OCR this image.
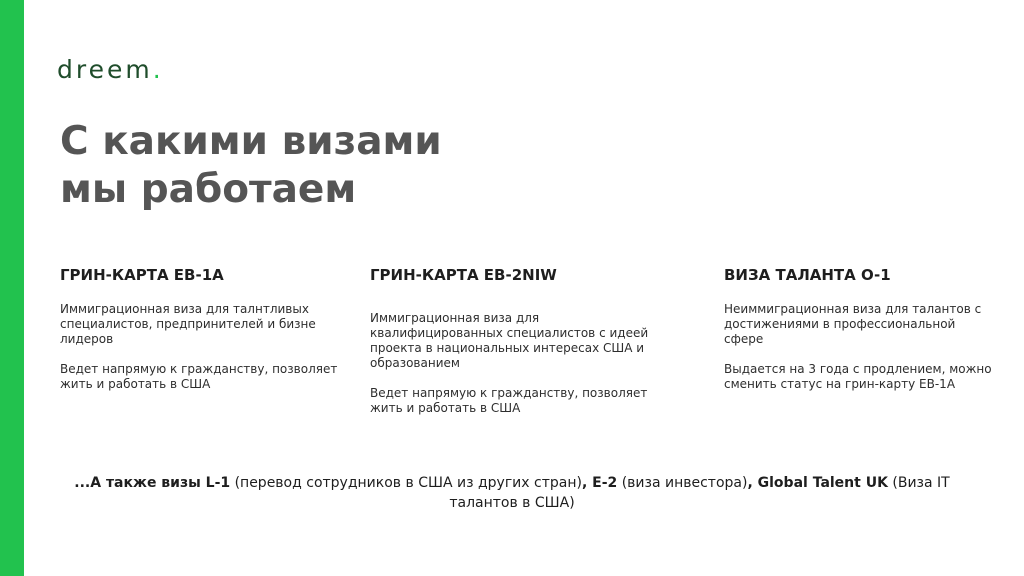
dreem.
С какими визами
мы работаем

ГРИН-КАРТА EB-1A

Иммиграционная виза для талнтливых специалистов, предпринителей и бизне лидеров

Ведет напрямую к гражданству, позволяет жить и работать в США

ГРИН-КАРТА EB-2NIW

Иммиграционная виза для квалифицированных специалистов с идеей проекта в национальных интересах США и образованием

Ведет напрямую к гражданству, позволяет жить и работать в США

ВИЗА ТАЛАНТА O-1

Неиммиграционная виза для талантов с достижениями в профессиональной сфере

Выдается на 3 года с продлением, можно сменить статус на грин-карту EB-1A

...А также визы L-1 (перевод сотрудников в США из других стран), E-2 (виза инвестора), Global Talent UK (Виза IT талантов в США)
